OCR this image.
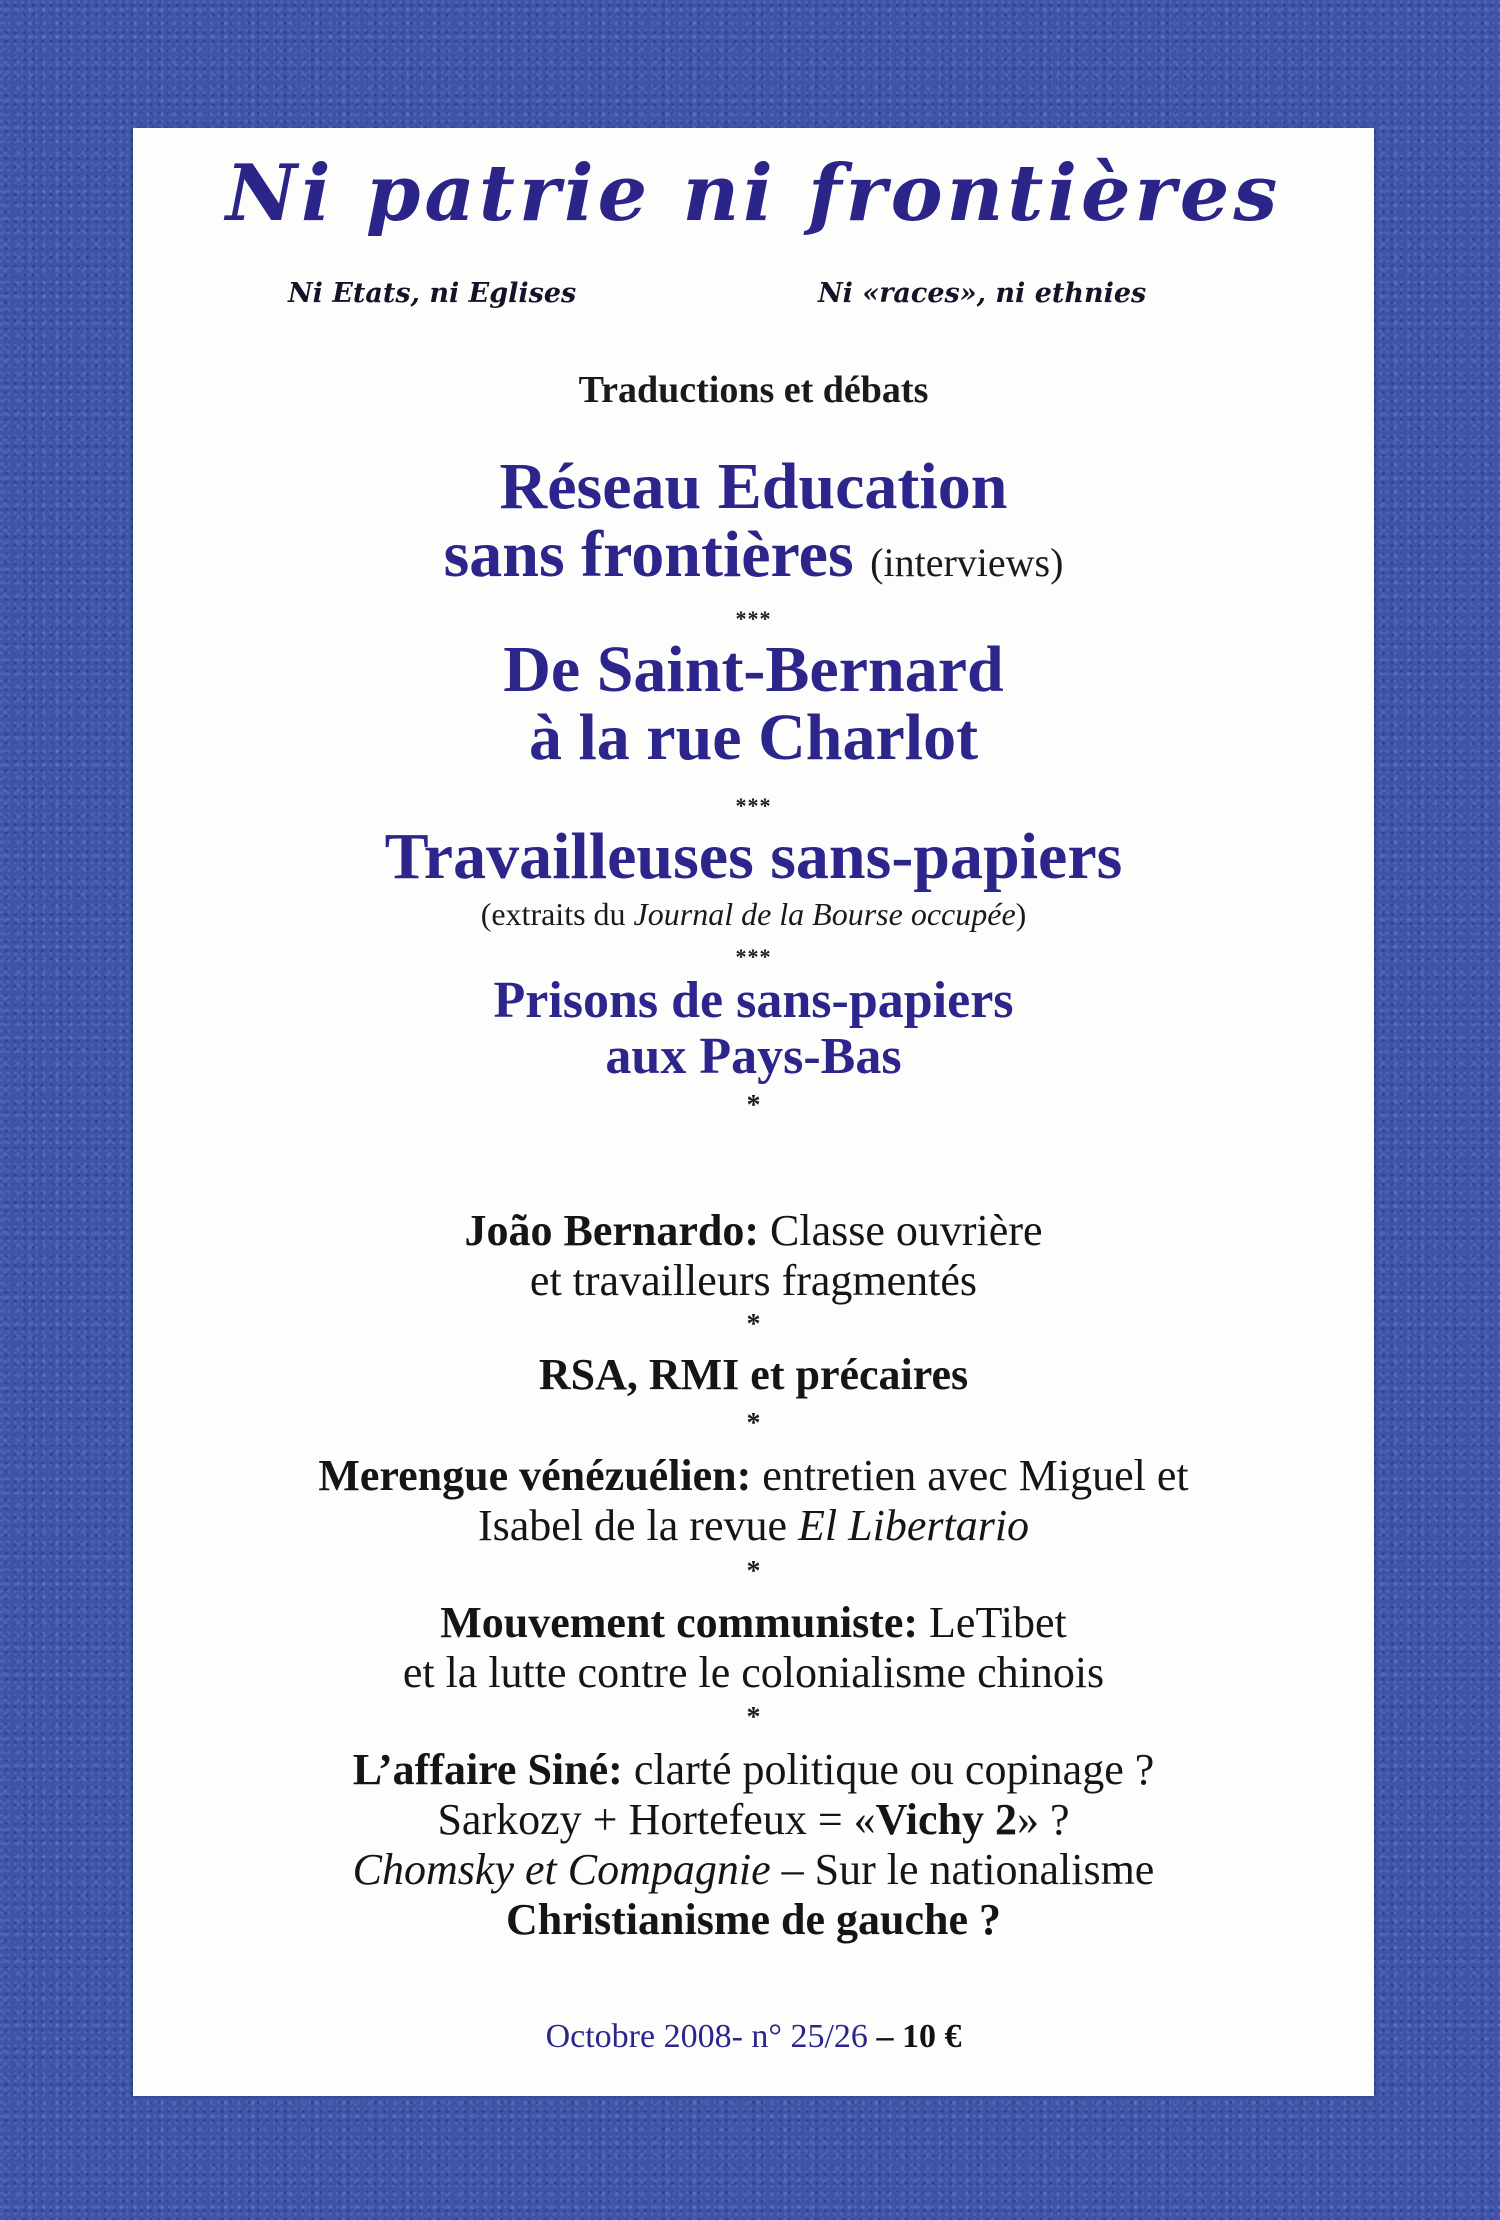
Ni patrie ni frontières
Ni Etats, ni Eglises	Ni «races», ni ethnies
Traductions et débats
Réseau Education
sans frontières (interviews)
***
De Saint-Bernard
à la rue Charlot
***
Travailleuses sans-papiers
(extraits du Journal de la Bourse occupée)
***
Prisons de sans-papiers
aux Pays-Bas
*
João Bernardo: Classe ouvrière
et travailleurs fragmentés
*
RSA, RMI et précaires
*
Merengue vénézuélien: entretien avec Miguel et
Isabel de la revue El Libertario
*
Mouvement communiste: LeTibet
et la lutte contre le colonialisme chinois
*
L’affaire Siné: clarté politique ou copinage ?
Sarkozy + Hortefeux = «Vichy 2» ?
Chomsky et Compagnie – Sur le nationalisme
Christianisme de gauche ?
Octobre 2008- n° 25/26 – 10 €
